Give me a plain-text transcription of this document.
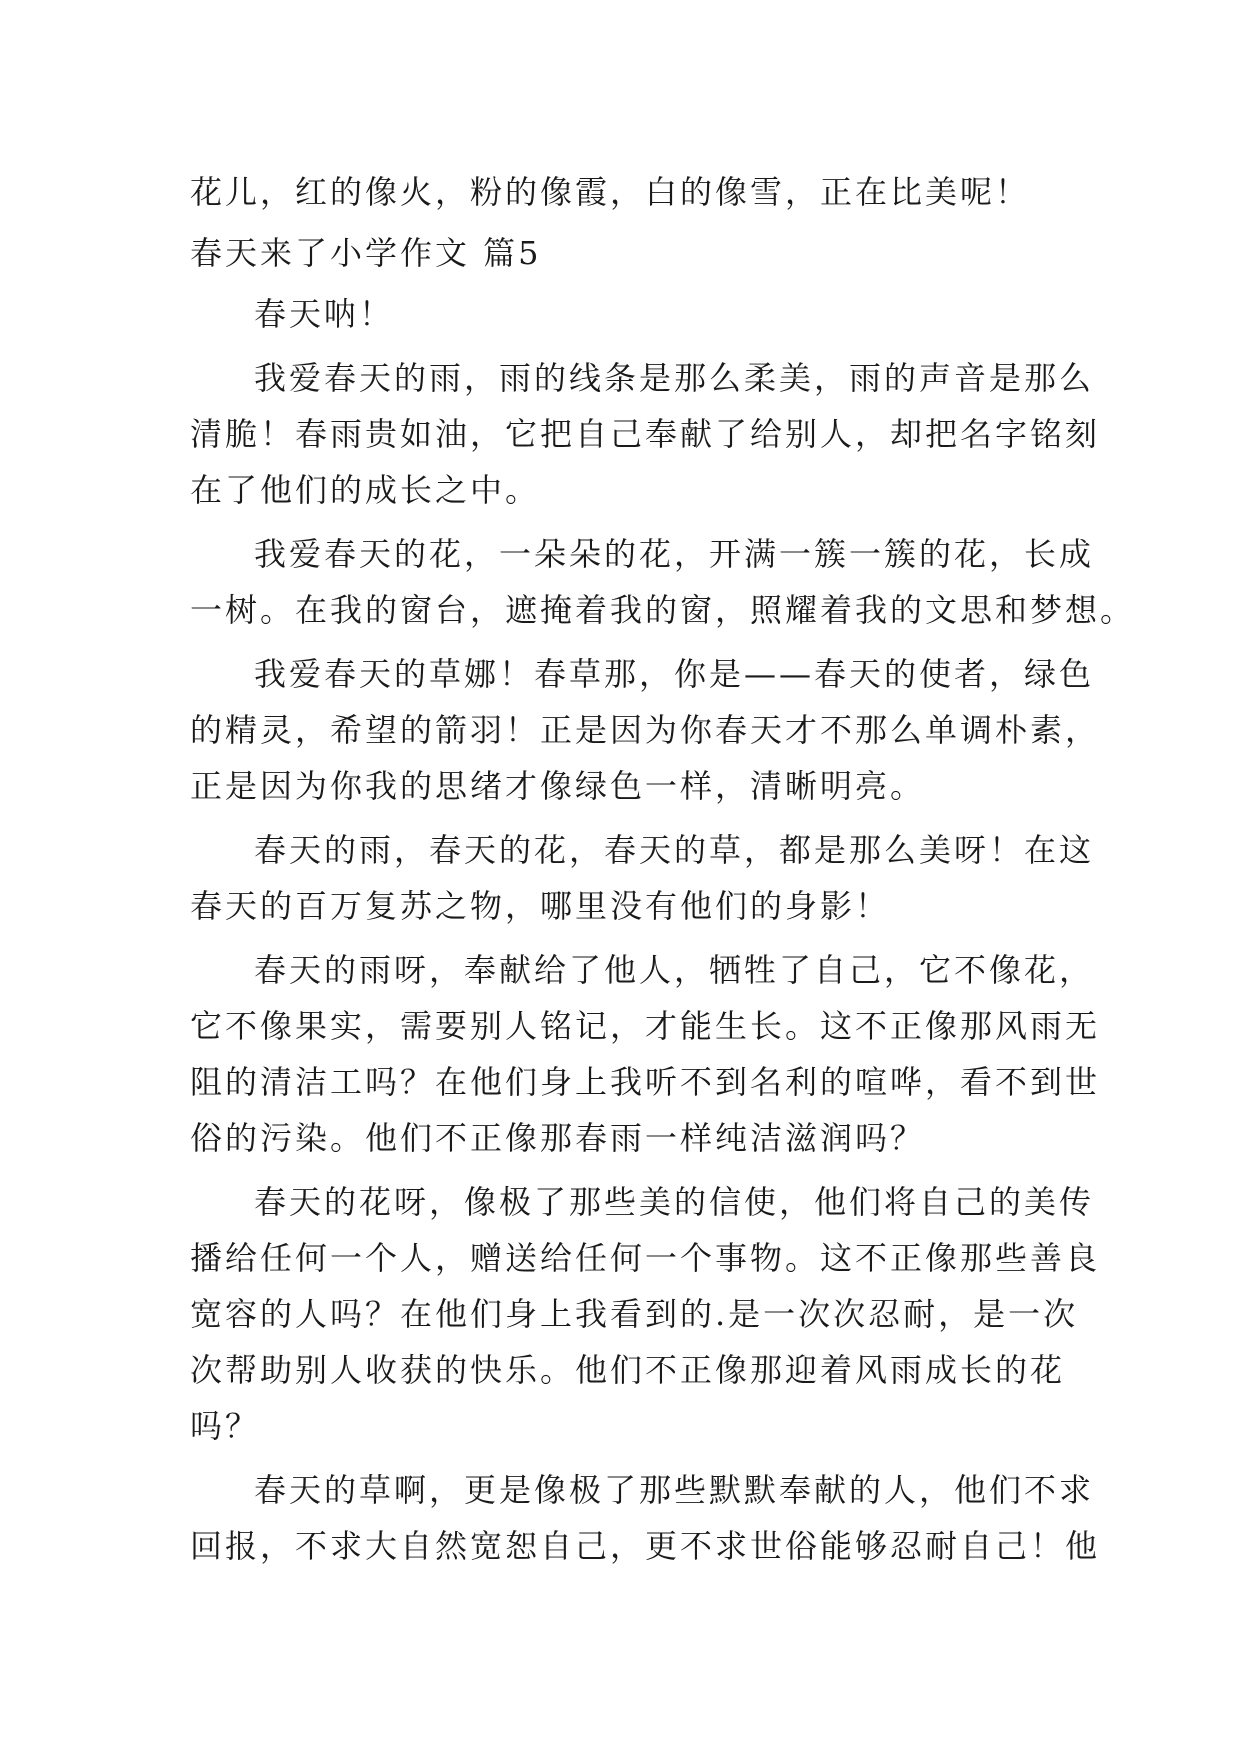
花儿，红的像火，粉的像霞，白的像雪，正在比美呢！
春天来了小学作文 篇5
春天呐！
我爱春天的雨，雨的线条是那么柔美，雨的声音是那么
清脆！春雨贵如油，它把自己奉献了给别人，却把名字铭刻
在了他们的成长之中。
我爱春天的花，一朵朵的花，开满一簇一簇的花，长成
一树。在我的窗台，遮掩着我的窗，照耀着我的文思和梦想。
我爱春天的草娜！春草那，你是——春天的使者，绿色
的精灵，希望的箭羽！正是因为你春天才不那么单调朴素，
正是因为你我的思绪才像绿色一样，清晰明亮。
春天的雨，春天的花，春天的草，都是那么美呀！在这
春天的百万复苏之物，哪里没有他们的身影！
春天的雨呀，奉献给了他人，牺牲了自己，它不像花，
它不像果实，需要别人铭记，才能生长。这不正像那风雨无
阻的清洁工吗？在他们身上我听不到名利的喧哗，看不到世
俗的污染。他们不正像那春雨一样纯洁滋润吗？
春天的花呀，像极了那些美的信使，他们将自己的美传
播给任何一个人，赠送给任何一个事物。这不正像那些善良
宽容的人吗？在他们身上我看到的.是一次次忍耐，是一次
次帮助别人收获的快乐。他们不正像那迎着风雨成长的花
吗？
春天的草啊，更是像极了那些默默奉献的人，他们不求
回报，不求大自然宽恕自己，更不求世俗能够忍耐自己！他
